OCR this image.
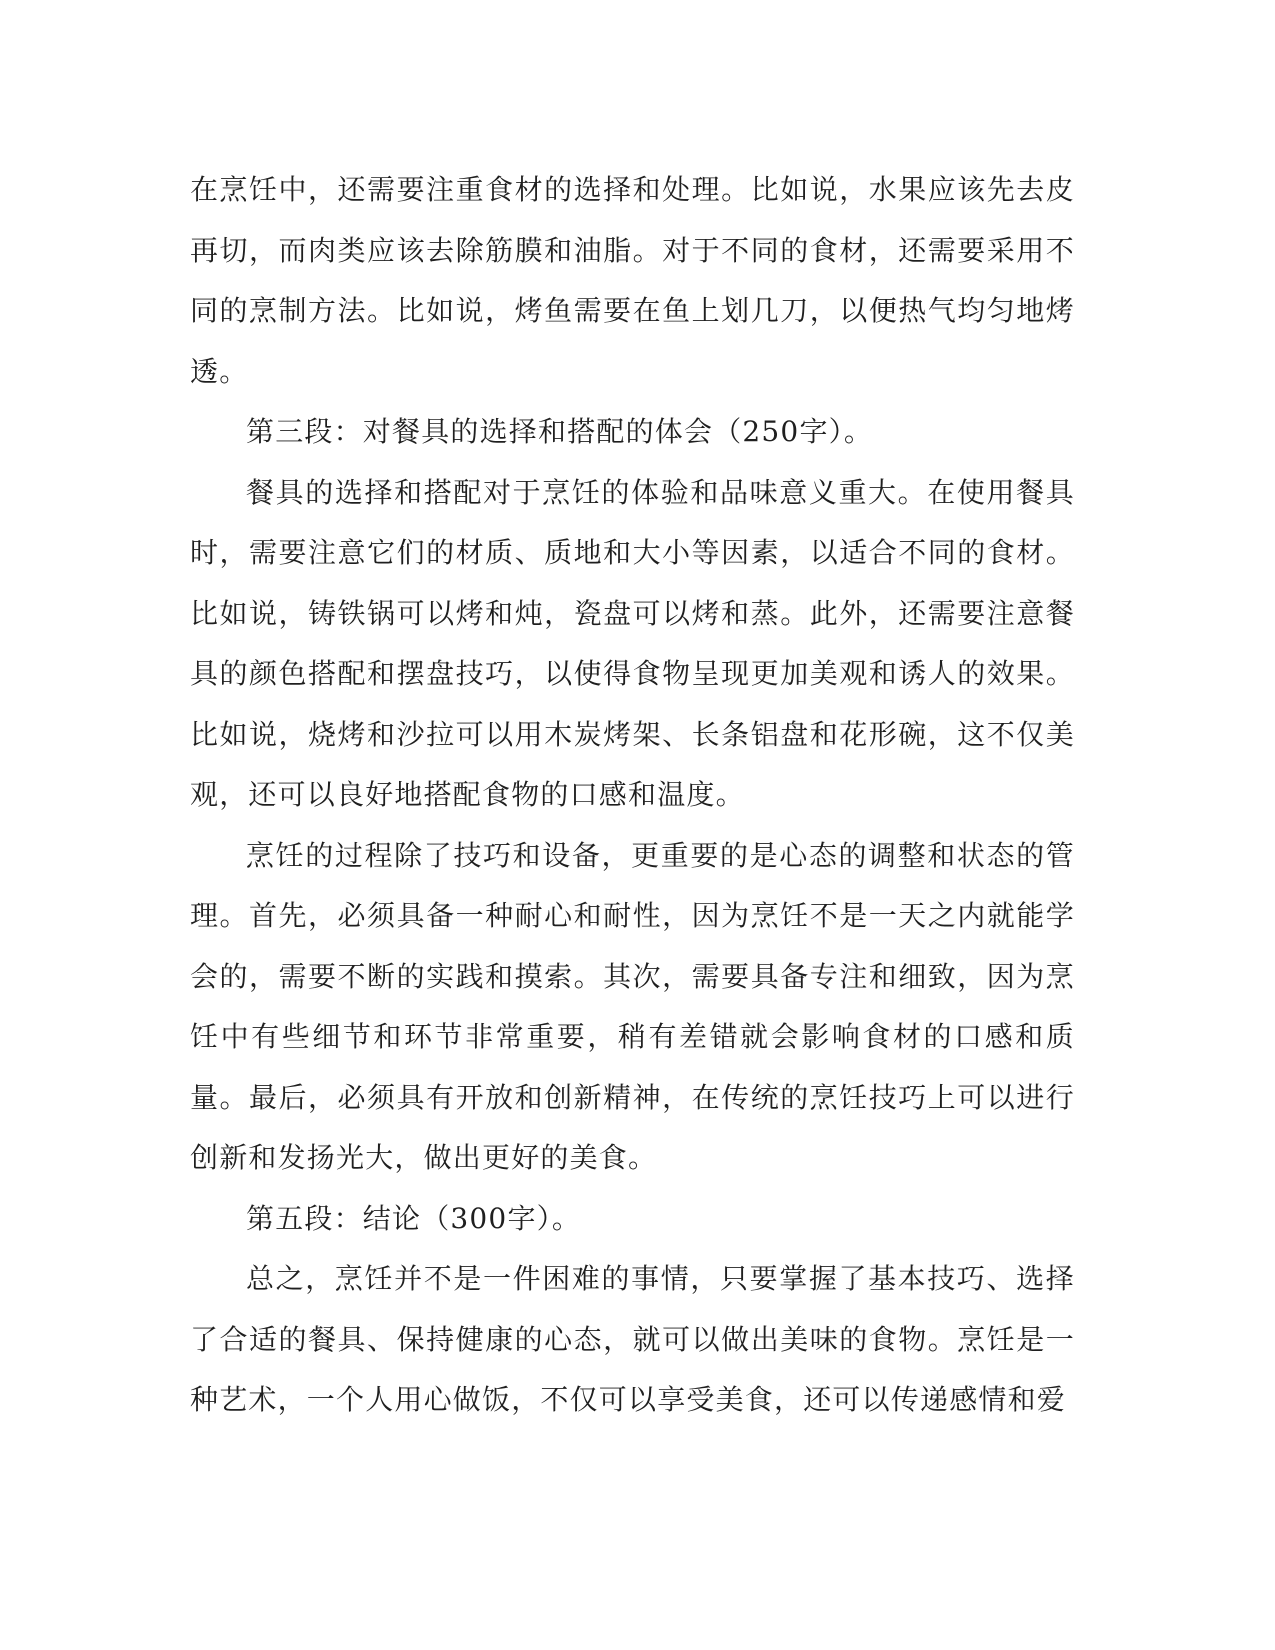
在烹饪中，还需要注重食材的选择和处理。比如说，水果应该先去皮再切，而肉类应该去除筋膜和油脂。对于不同的食材，还需要采用不同的烹制方法。比如说，烤鱼需要在鱼上划几刀，以便热气均匀地烤透。

第三段：对餐具的选择和搭配的体会（250字）。

餐具的选择和搭配对于烹饪的体验和品味意义重大。在使用餐具时，需要注意它们的材质、质地和大小等因素，以适合不同的食材。比如说，铸铁锅可以烤和炖，瓷盘可以烤和蒸。此外，还需要注意餐具的颜色搭配和摆盘技巧，以使得食物呈现更加美观和诱人的效果。比如说，烧烤和沙拉可以用木炭烤架、长条铝盘和花形碗，这不仅美观，还可以良好地搭配食物的口感和温度。

烹饪的过程除了技巧和设备，更重要的是心态的调整和状态的管理。首先，必须具备一种耐心和耐性，因为烹饪不是一天之内就能学会的，需要不断的实践和摸索。其次，需要具备专注和细致，因为烹饪中有些细节和环节非常重要，稍有差错就会影响食材的口感和质量。最后，必须具有开放和创新精神，在传统的烹饪技巧上可以进行创新和发扬光大，做出更好的美食。

第五段：结论（300字）。

总之，烹饪并不是一件困难的事情，只要掌握了基本技巧、选择了合适的餐具、保持健康的心态，就可以做出美味的食物。烹饪是一种艺术，一个人用心做饭，不仅可以享受美食，还可以传递感情和爱
